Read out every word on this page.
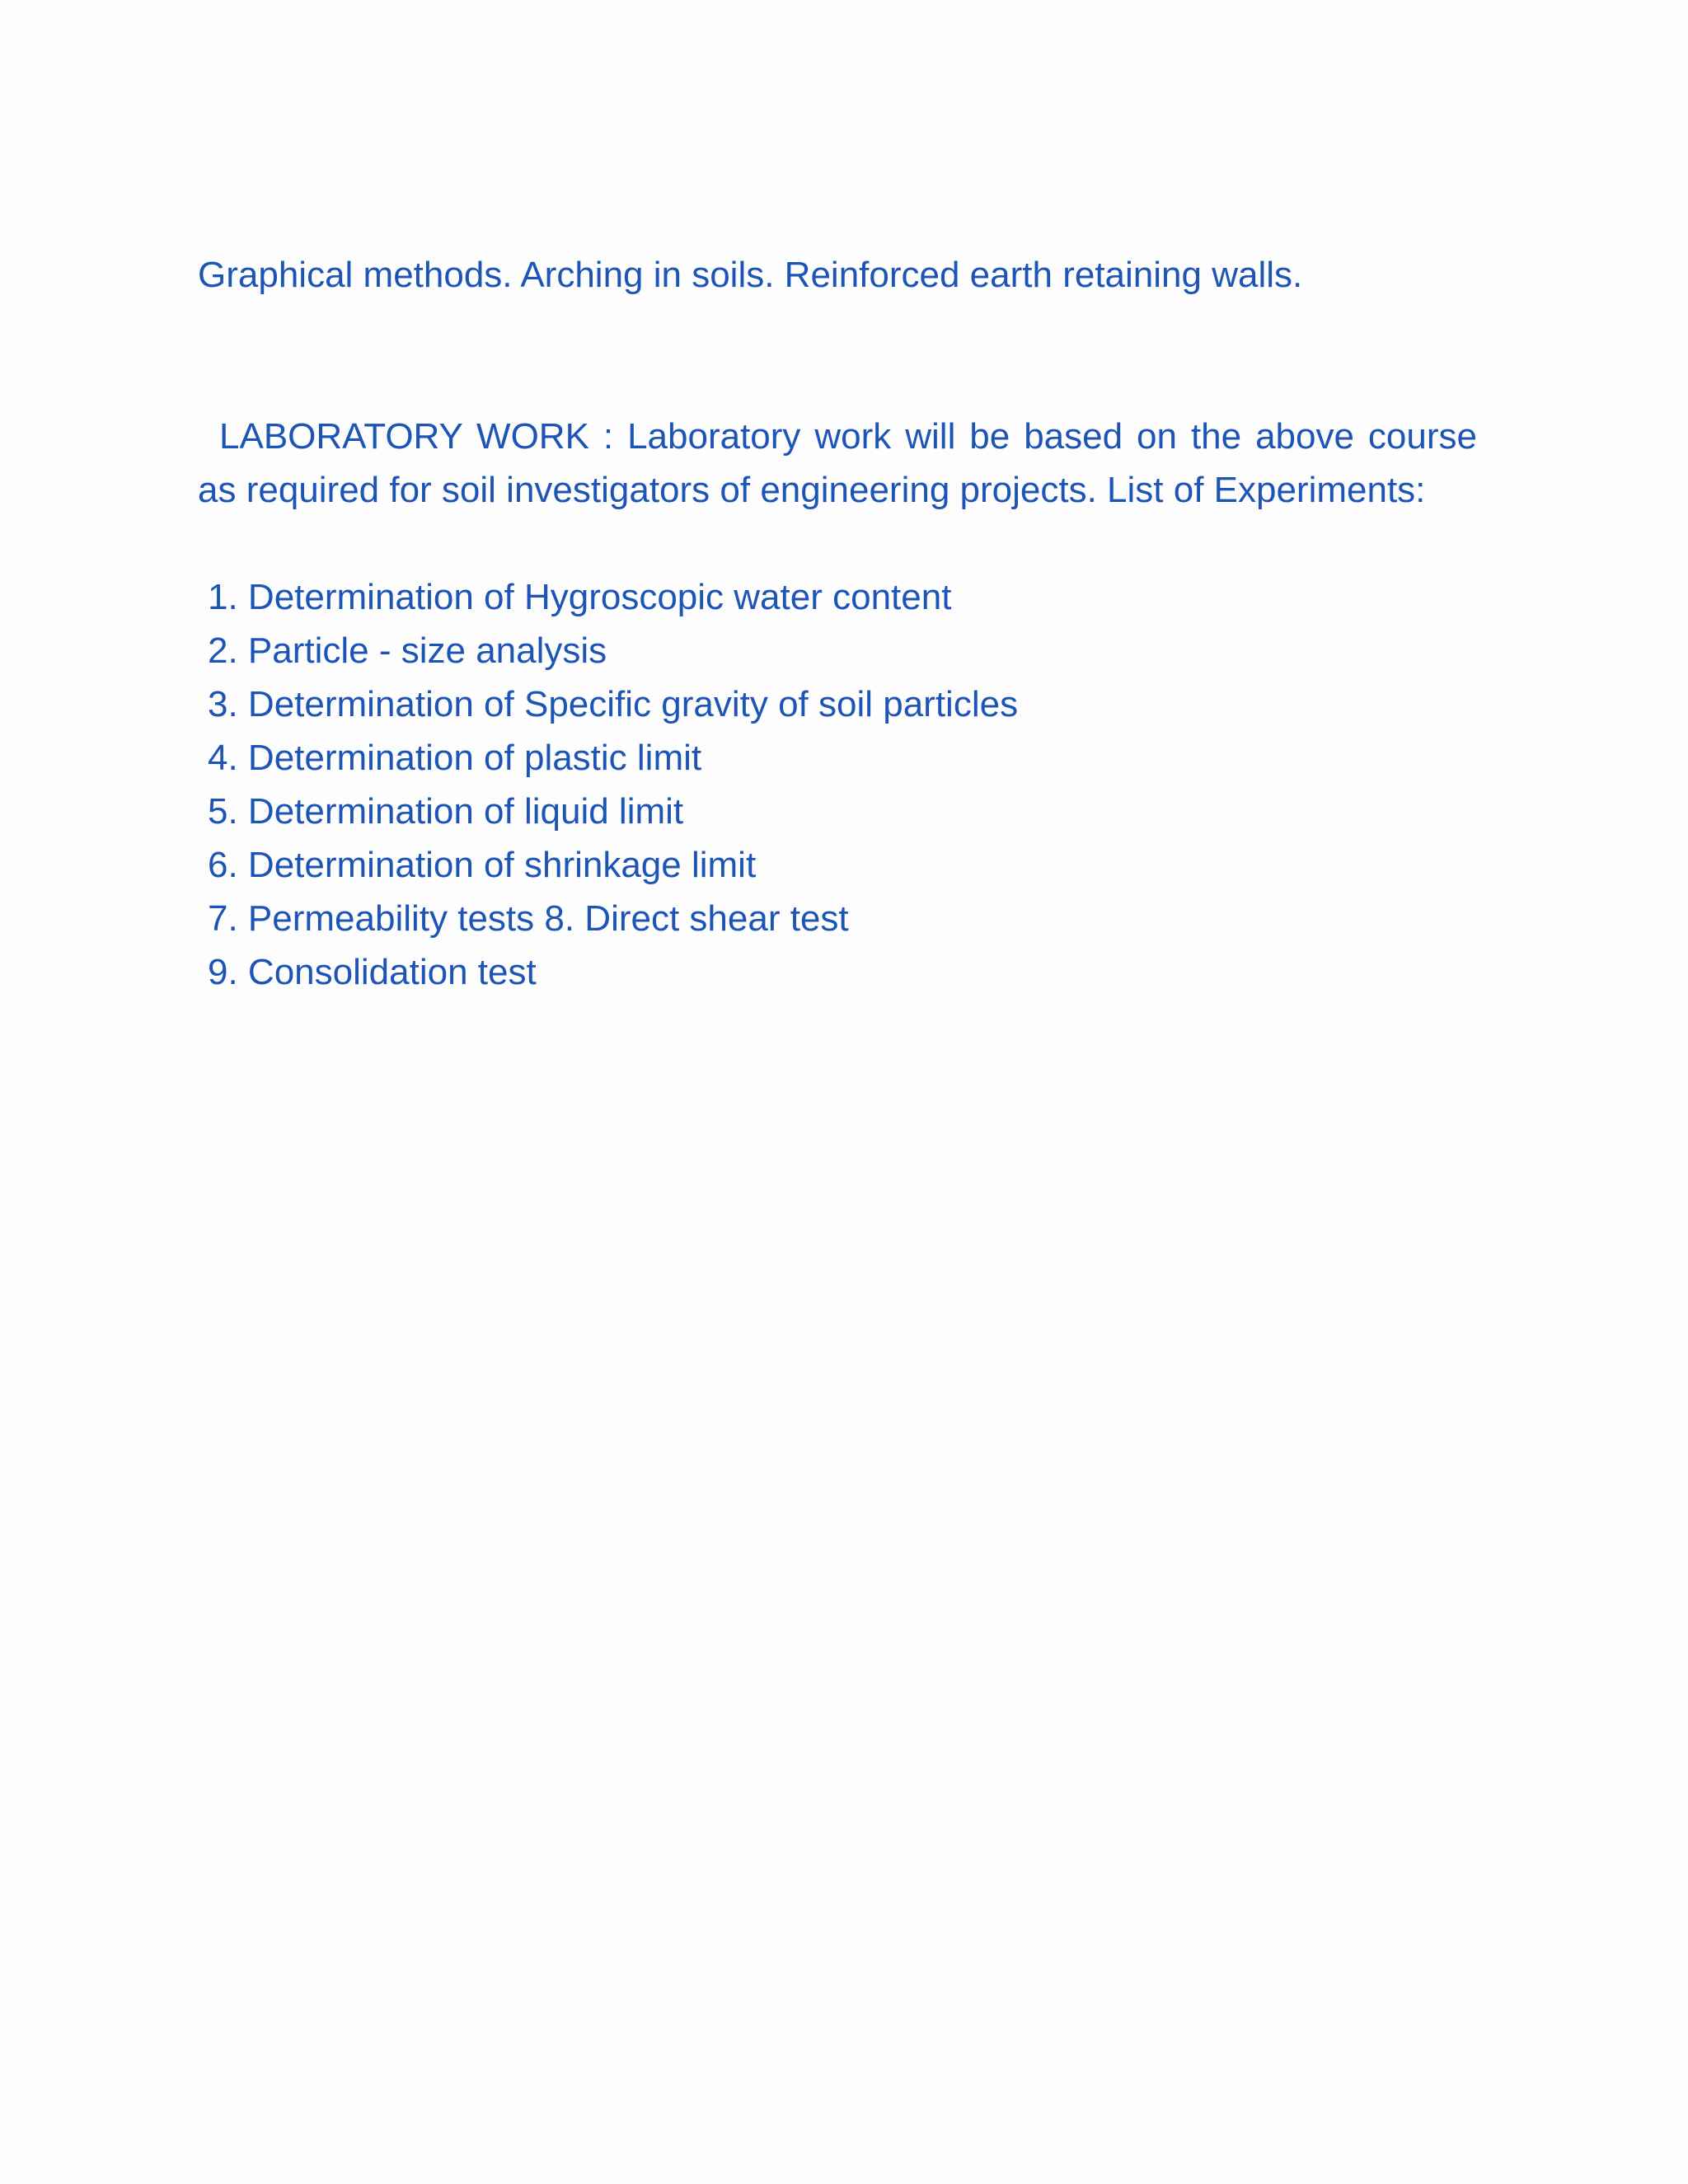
Graphical methods. Arching in soils. Reinforced earth retaining walls.
LABORATORY WORK : Laboratory work will be based on the above course as required for soil investigators of engineering projects. List of Experiments:
1. Determination of Hygroscopic water content
2. Particle - size analysis
3. Determination of Specific gravity of soil particles
4. Determination of plastic limit
5. Determination of liquid limit
6. Determination of shrinkage limit
7. Permeability tests 8. Direct shear test
9. Consolidation test
